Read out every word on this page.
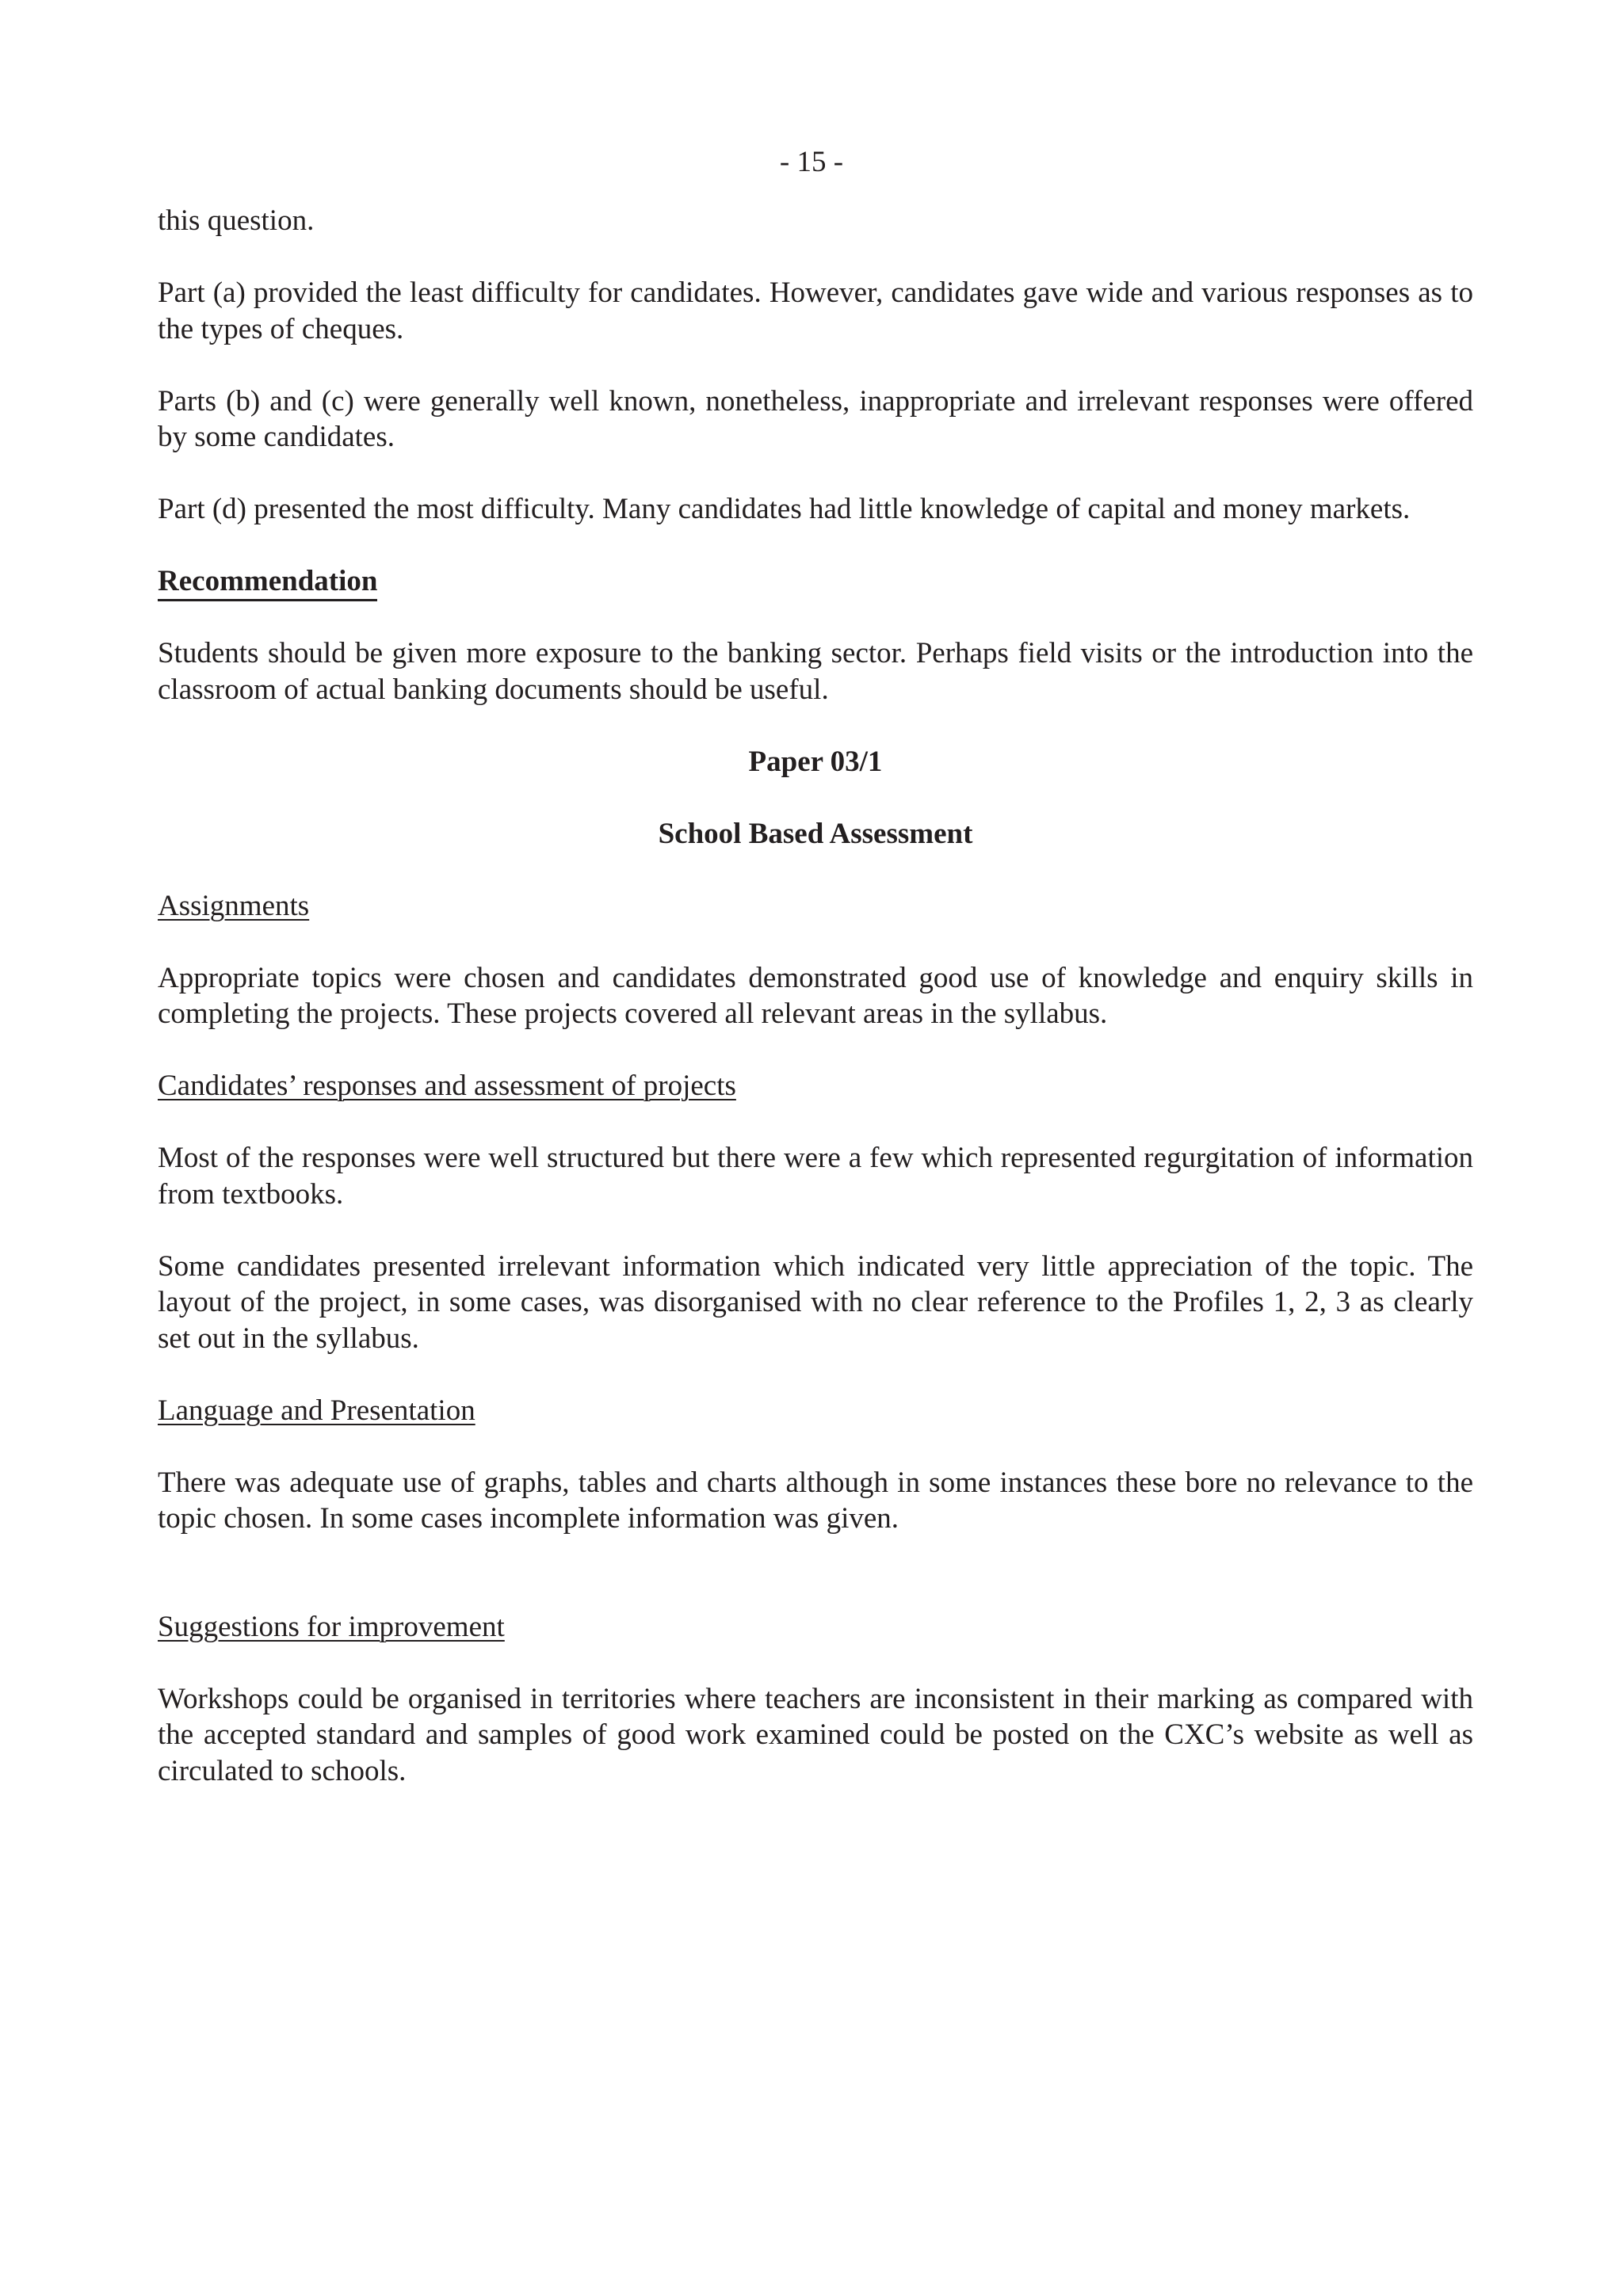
- 15 -

this question.

Part (a) provided the least difficulty for candidates. However, candidates gave wide and various responses as to the types of cheques.

Parts (b) and (c) were generally well known, nonetheless, inappropriate and irrelevant responses were offered by some candidates.

Part (d) presented the most difficulty. Many candidates had little knowledge of capital and money markets.

Recommendation

Students should be given more exposure to the banking sector. Perhaps field visits or the introduction into the classroom of actual banking documents should be useful.

Paper 03/1
School Based Assessment
Assignments

Appropriate topics were chosen and candidates demonstrated good use of knowledge and enquiry skills in completing the projects. These projects covered all relevant areas in the syllabus.

Candidates’ responses and assessment of projects

Most of the responses were well structured but there were a few which represented regurgitation of information from textbooks.

Some candidates presented irrelevant information which indicated very little appreciation of the topic. The layout of the project, in some cases, was disorganised with no clear reference to the Profiles 1, 2, 3 as clearly set out in the syllabus.

Language and Presentation

There was adequate use of graphs, tables and charts although in some instances these bore no relevance to the topic chosen. In some cases incomplete information was given.

Suggestions for improvement

Workshops could be organised in territories where teachers are inconsistent in their marking as compared with the accepted standard and samples of good work examined could be posted on the CXC’s website as well as circulated to schools.
